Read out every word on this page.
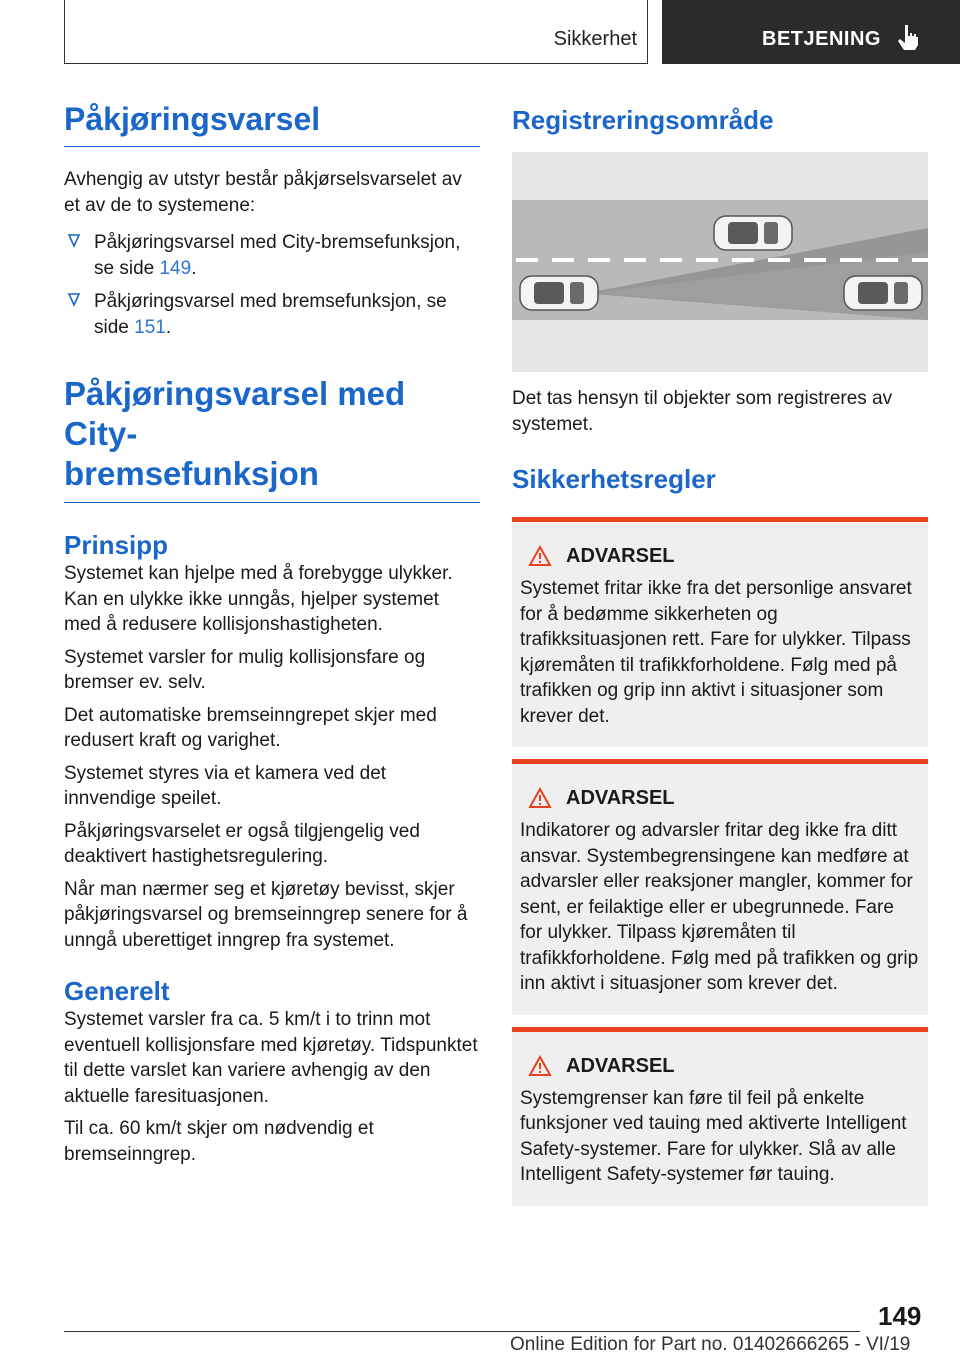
Sikkerhet	BETJENING
Påkjøringsvarsel

Avhengig av utstyr består påkjørselsvarselet av et av de to systemene:

Påkjøringsvarsel med City-bremsefunksjon, se side 149.
Påkjøringsvarsel med bremsefunksjon, se side 151.
Påkjøringsvarsel med City-
bremsefunksjon
Prinsipp

Systemet kan hjelpe med å forebygge ulykker. Kan en ulykke ikke unngås, hjelper systemet med å redusere kollisjonshastigheten.

Systemet varsler for mulig kollisjonsfare og bremser ev. selv.

Det automatiske bremseinngrepet skjer med redusert kraft og varighet.

Systemet styres via et kamera ved det innvendige speilet.

Påkjøringsvarselet er også tilgjengelig ved deaktivert hastighetsregulering.

Når man nærmer seg et kjøretøy bevisst, skjer påkjøringsvarsel og bremseinngrep senere for å unngå uberettiget inngrep fra systemet.

Generelt

Systemet varsler fra ca. 5 km/t i to trinn mot eventuell kollisjonsfare med kjøretøy. Tidspunktet til dette varslet kan variere avhengig av den aktuelle faresituasjonen.

Til ca. 60 km/t skjer om nødvendig et bremseinngrep.

Registreringsområde

Det tas hensyn til objekter som registreres av systemet.

Sikkerhetsregler
ADVARSEL
Systemet fritar ikke fra det personlige ansvaret for å bedømme sikkerheten og trafikksituasjonen rett. Fare for ulykker. Tilpass kjøremåten til trafikkforholdene. Følg med på trafikken og grip inn aktivt i situasjoner som krever det.
ADVARSEL
Indikatorer og advarsler fritar deg ikke fra ditt ansvar. Systembegrensingene kan medføre at advarsler eller reaksjoner mangler, kommer for sent, er feilaktige eller er ubegrunnede. Fare for ulykker. Tilpass kjøremåten til trafikkforholdene. Følg med på trafikken og grip inn aktivt i situasjoner som krever det.
ADVARSEL
Systemgrenser kan føre til feil på enkelte funksjoner ved tauing med aktiverte Intelligent Safety-systemer. Fare for ulykker. Slå av alle Intelligent Safety-systemer før tauing.
149
Online Edition for Part no. 01402666265 - VI/19
